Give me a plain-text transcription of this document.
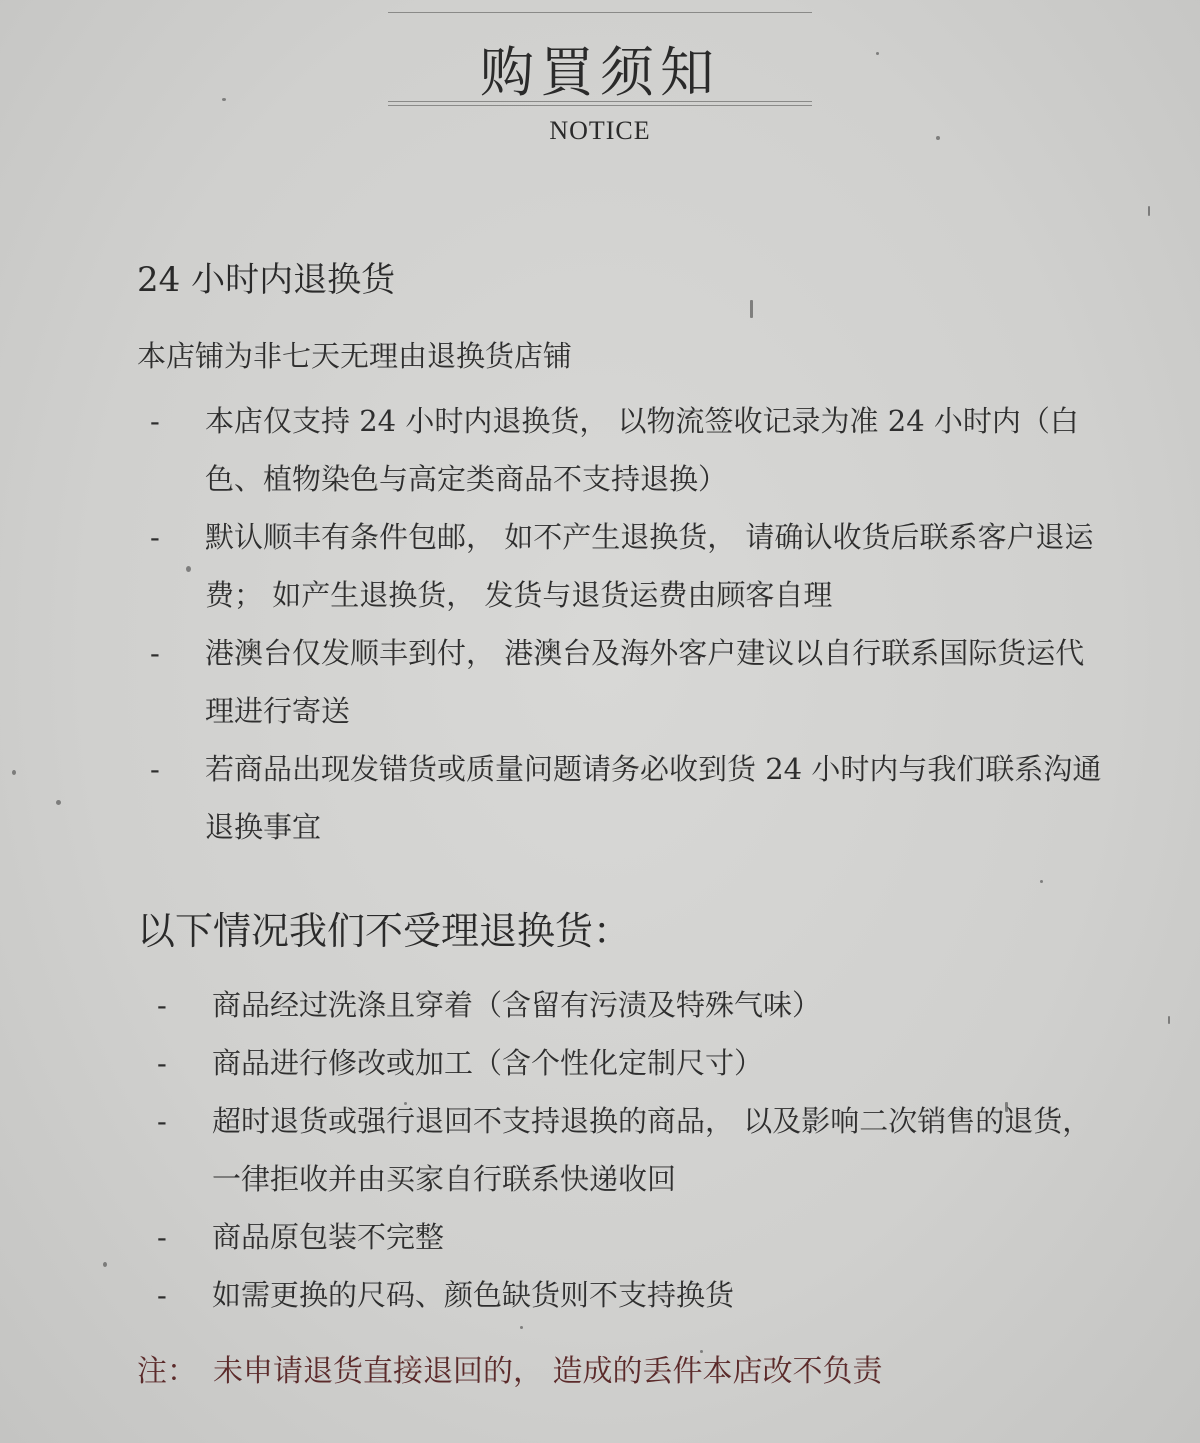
购買须知
NOTICE
24 小时内退换货
本店铺为非七天无理由退换货店铺
-	本店仅支持 24 小时内退换货， 以物流签收记录为准 24 小时内（白色、植物染色与高定类商品不支持退换）
-	默认顺丰有条件包邮， 如不产生退换货， 请确认收货后联系客户退运费； 如产生退换货， 发货与退货运费由顾客自理
-	港澳台仅发顺丰到付， 港澳台及海外客户建议以自行联系国际货运代理进行寄送
-	若商品出现发错货或质量问题请务必收到货 24 小时内与我们联系沟通退换事宜
以下情况我们不受理退换货：
-	商品经过洗涤且穿着（含留有污渍及特殊气味）
-	商品进行修改或加工（含个性化定制尺寸）
-	超时退货或强行退回不支持退换的商品， 以及影响二次销售的退货， 一律拒收并由买家自行联系快递收回
-	商品原包装不完整
-	如需更换的尺码、颜色缺货则不支持换货
注： 未申请退货直接退回的， 造成的丢件本店改不负责
